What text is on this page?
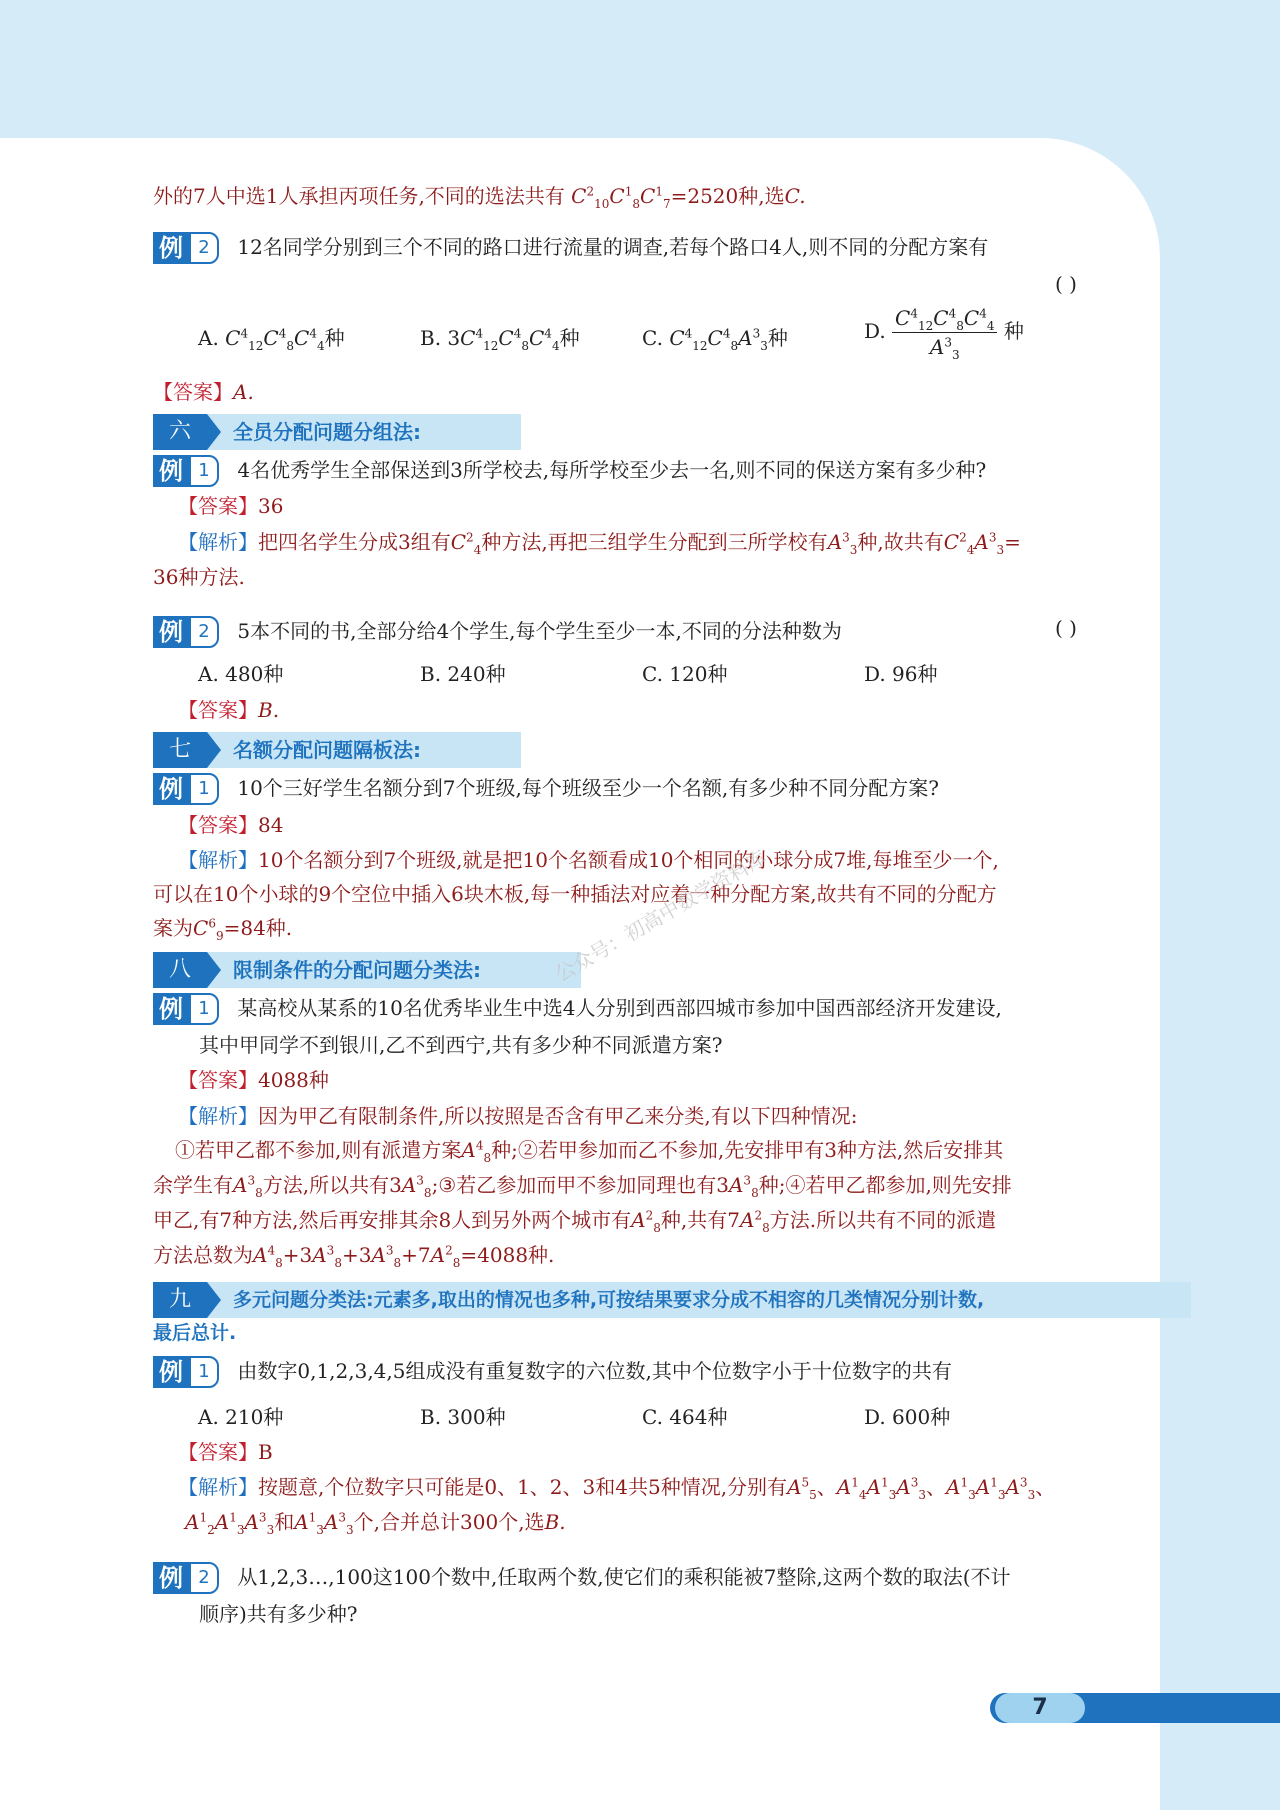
外的7人中选1人承担丙项任务,不同的选法共有 $C^2_{10}C^1_8C^1_7=2520$种,选C.
例 2 12名同学分别到三个不同的路口进行流量的调查,若每个路口4人,则不同的分配方案有
( )
A. $C^4_{12}C^4_8C^4_4$种	B. $3C^4_{12}C^4_8C^4_4$种	C. $C^4_{12}C^4_8A^3_3$种	D. $\frac{C^4_{12}C^4_8C^4_4}{A^3_3}$ 种
【答案】A.
六	全员分配问题分组法:
例 1 4名优秀学生全部保送到3所学校去,每所学校至少去一名,则不同的保送方案有多少种?
【答案】36
【解析】把四名学生分成3组有$C^2_4$种方法,再把三组学生分配到三所学校有$A^3_3$种,故共有$C^2_4A^3_3=$
36种方法.
例 2 5本不同的书,全部分给4个学生,每个学生至少一本,不同的分法种数为	( )
A. 480种	B. 240种	C. 120种	D. 96种
【答案】B.
七	名额分配问题隔板法:
例 1 10个三好学生名额分到7个班级,每个班级至少一个名额,有多少种不同分配方案?
【答案】84
【解析】10个名额分到7个班级,就是把10个名额看成10个相同的小球分成7堆,每堆至少一个,
可以在10个小球的9个空位中插入6块木板,每一种插法对应着一种分配方案,故共有不同的分配方
案为$C^6_9=84$种.
八	限制条件的分配问题分类法:
例 1 某高校从某系的10名优秀毕业生中选4人分别到西部四城市参加中国西部经济开发建设,
其中甲同学不到银川,乙不到西宁,共有多少种不同派遣方案?
【答案】4088种
【解析】因为甲乙有限制条件,所以按照是否含有甲乙来分类,有以下四种情况:
①若甲乙都不参加,则有派遣方案$A^4_8$种;②若甲参加而乙不参加,先安排甲有3种方法,然后安排其
余学生有$A^3_8$方法,所以共有$3A^3_8;③$若乙参加而甲不参加同理也有$3A^3_8$种;④若甲乙都参加,则先安排
甲乙,有7种方法,然后再安排其余8人到另外两个城市有$A^2_8$种,共有$7A^2_8$方法.所以共有不同的派遣
方法总数为$A^4_8+3A^3_8+3A^3_8+7A^2_8=4088$种.
九	多元问题分类法:元素多,取出的情况也多种,可按结果要求分成不相容的几类情况分别计数,
最后总计.
例 1 由数字0,1,2,3,4,5组成没有重复数字的六位数,其中个位数字小于十位数字的共有
A. 210种	B. 300种	C. 464种	D. 600种
【答案】B
【解析】按题意,个位数字只可能是0、1、2、3和4共5种情况,分别有$A^5_5$、$A^1_4A^1_3A^3_3$、$A^1_3A^1_3A^3_3$、
$A^1_2A^1_3A^3_3$和$A^1_3A^3_3$个,合并总计300个,选B.
例 2 从1,2,3…,100这100个数中,任取两个数,使它们的乘积能被7整除,这两个数的取法(不计
顺序)共有多少种?
公众号：初高中数学资料库
7
